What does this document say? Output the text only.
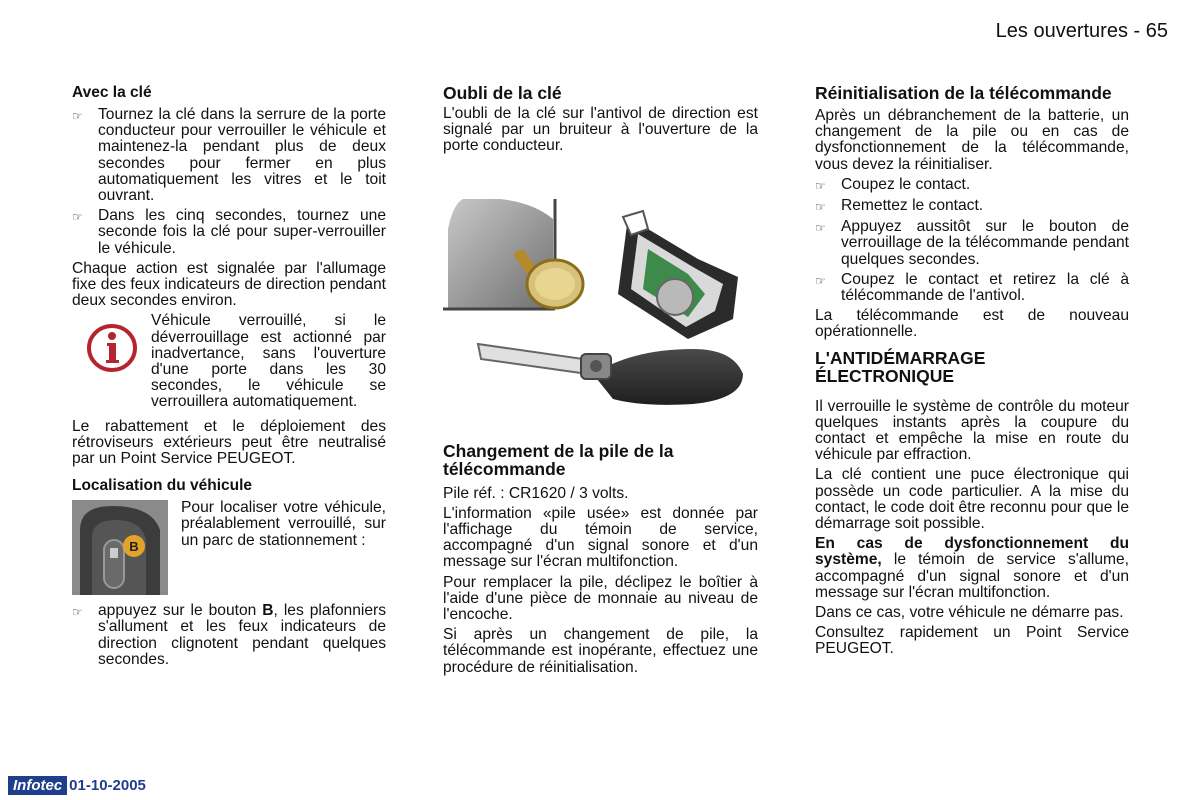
Les ouvertures - 65
Avec la clé
☞ Tournez la clé dans la serrure de la porte conducteur pour verrouiller le véhicule et maintenez-la pendant plus de deux secondes pour fermer en plus automatiquement les vitres et le toit ouvrant.
☞ Dans les cinq secondes, tournez une seconde fois la clé pour super-verrouiller le véhicule.
Chaque action est signalée par l'allumage fixe des feux indicateurs de direction pendant deux secondes environ.
Véhicule verrouillé, si le déverrouillage est actionné par inadvertance, sans l'ouverture d'une porte dans les 30 secondes, le véhicule se verrouillera automatiquement.
Le rabattement et le déploiement des rétroviseurs extérieurs peut être neutralisé par un Point Service PEUGEOT.
Localisation du véhicule
B
Pour localiser votre véhicule, préalablement verrouillé, sur un parc de stationnement :
☞ appuyez sur le bouton B, les plafonniers s'allument et les feux indicateurs de direction clignotent pendant quelques secondes.
Oubli de la clé
L'oubli de la clé sur l'antivol de direction est signalé par un bruiteur à l'ouverture de la porte conducteur.
Changement de la pile de la télécommande
Pile réf. : CR1620 / 3 volts.
L'information «pile usée» est donnée par l'affichage du témoin de service, accompagné d'un signal sonore et d'un message sur l'écran multifonction.
Pour remplacer la pile, déclipez le boîtier à l'aide d'une pièce de monnaie au niveau de l'encoche.
Si après un changement de pile, la télécommande est inopérante, effectuez une procédure de réinitialisation.
Réinitialisation de la télécommande
Après un débranchement de la batterie, un changement de la pile ou en cas de dysfonctionnement de la télécommande, vous devez la réinitialiser.
☞ Coupez le contact.
☞ Remettez le contact.
☞ Appuyez aussitôt sur le bouton de verrouillage de la télécommande pendant quelques secondes.
☞ Coupez le contact et retirez la clé à télécommande de l'antivol.
La télécommande est de nouveau opérationnelle.
L'ANTIDÉMARRAGE ÉLECTRONIQUE
Il verrouille le système de contrôle du moteur quelques instants après la coupure du contact et empêche la mise en route du véhicule par effraction.
La clé contient une puce électronique qui possède un code particulier. A la mise du contact, le code doit être reconnu pour que le démarrage soit possible.
En cas de dysfonctionnement du système, le témoin de service s'allume, accompagné d'un signal sonore et d'un message sur l'écran multifonction.
Dans ce cas, votre véhicule ne démarre pas.
Consultez rapidement un Point Service PEUGEOT.
Infotec 01-10-2005
